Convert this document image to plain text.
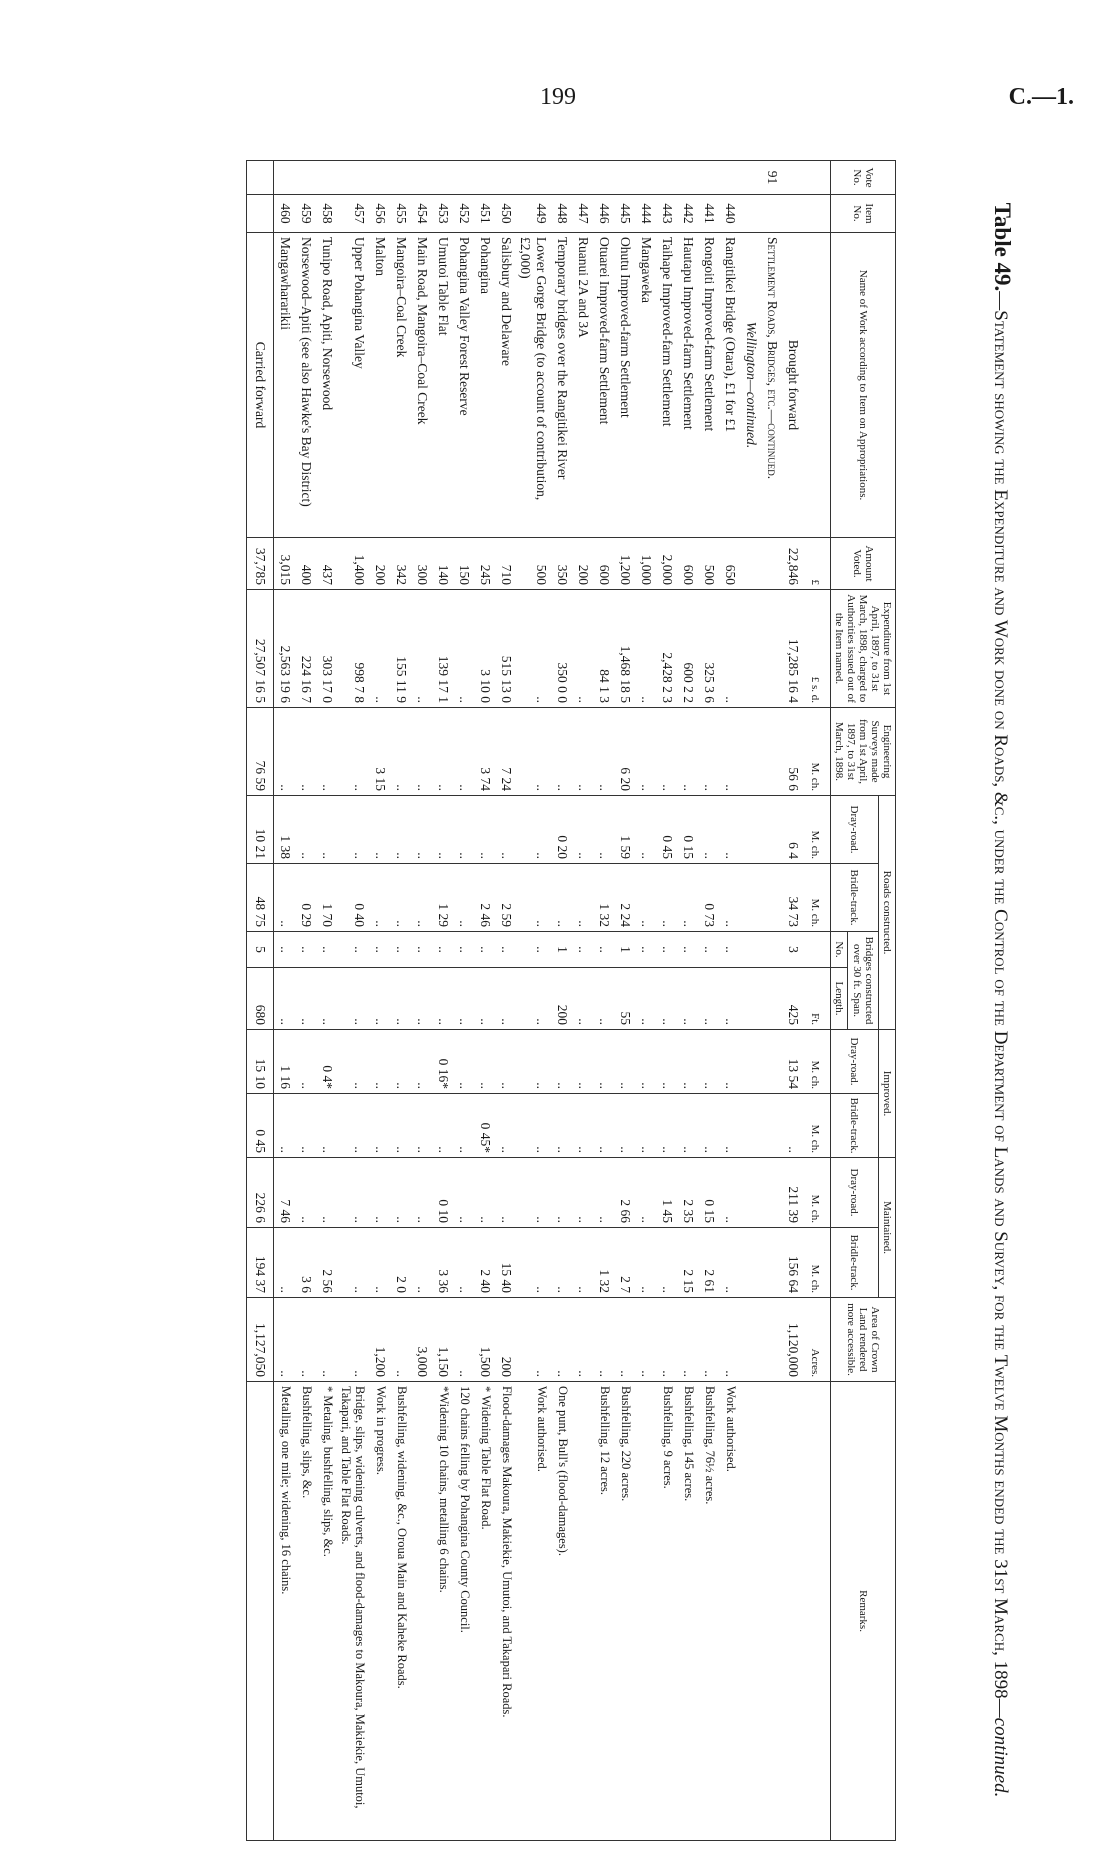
199	C.—1.
Table 49.—Statement showing the Expenditure and Work done on Roads, &c., under the Control of the Department of Lands and Survey, for the Twelve Months ended the 31st March, 1898—continued.
Vote No.	Item No.	Name of Work according to Item on Appropriations.	Amount Voted.	Expenditure from 1st April, 1897, to 31st March, 1898, charged to Authorities issued out of the Item named.	Engineering Surveys made from 1st April, 1897, to 31st March, 1898.	Roads constructed.				Improved.		Maintained.		Area of Crown Land rendered more accessible.	Remarks.
						Dray-road.	Bridle-track.	Bridges constructed over 30 ft. Span.		Dray-road.	Bridle-track.	Dray-road.	Bridle-track.		
								No.	Length.						
			£	£ s. d.	M. ch.	M. ch.	M. ch.		Ft.	M. ch.	M. ch.	M. ch.	M. ch.	Acres.	
		Brought forward	22,846	17,285 16 4	56 6	6 4	34 73	3	425	13 54	..	211 39	156 64	1,120,000	
91		Settlement Roads, Bridges, etc.—continued.													
		Wellington—continued.													
	440	Rangitikei Bridge (Otara), £1 for £1	650	..	..	..	..	..	..	..	..	..	..	..	Work authorised.
	441	Rongoiti Improved-farm Settlement	500	325 3 6	..	..	0 73	..	..	..	..	0 15	2 61	..	Bushfelling, 76½ acres.
	442	Hautapu Improved-farm Settlement	600	600 2 2	..	0 15	..	..	..	..	..	2 35	2 15	..	Bushfelling, 145 acres.
	443	Taihape Improved-farm Settlement	2,000	2,428 2 3	..	0 45	..	..	..	..	..	1 45	..	..	Bushfelling, 9 acres.
	444	Mangaweka	1,000	..	..	..	..	..	..	..	..	..	..	..	
	445	Ohutu Improved-farm Settlement	1,200	1,468 18 5	6 20	1 59	2 24	1	55	..	..	2 66	2 7	..	Bushfelling, 220 acres.
	446	Otuarei Improved-farm Settlement	600	84 1 3	..	..	1 32	..	..	..	..	..	1 32	..	Bushfelling, 12 acres.
	447	Ruanui 2A and 3A	200	..	..	..	..	..	..	..	..	..	..	..	
	448	Temporary bridges over the Rangitikei River	350	350 0 0	..	0 20	..	1	200	..	..	..	..	..	One punt, Bull's (flood-damages).
	449	Lower Gorge Bridge (to account of contribution, £2,000)	500	..	..	..	..	..	..	..	..	..	..	..	Work authorised.
	450	Salisbury and Delaware	710	515 13 0	7 24	..	2 59	..	..	..	..	..	15 40	200	Flood-damages Makoura, Makiekie, Umutoi, and Takapari Roads.
	451	Pohangina	245	3 10 0	3 74	..	2 46	..	..	..	0 45*	..	2 40	1,500	* Widening Table Flat Road.
	452	Pohangina Valley Forest Reserve	150	..	..	..	..	..	..	..	..	..	..	..	120 chains felling by Pohangina County Council.
	453	Umutoi Table Flat	140	139 17 1	..	..	1 29	..	..	0 16*	..	0 10	3 36	1,150	*Widening 10 chains, metalling 6 chains.
	454	Main Road, Mangoira–Coal Creek	300	..	..	..	..	..	..	..	..	..	..	3,000	
	455	Mangoira–Coal Creek	342	155 11 9	..	..	..	..	..	..	..	..	2 0	..	Bushfelling, widening, &c., Oroua Main and Kaheke Roads.
	456	Malton	200	..	3 15	..	..	..	..	..	..	..	..	1,200	Work in progress.
	457	Upper Pohangina Valley	1,400	998 7 8	..	..	0 40	..	..	..	..	..	..	..	Bridge, slips, widening culverts, and flood-damages to Makoura, Makiekie, Umutoi, Takapari, and Table Flat Roads.
	458	Tunipo Road, Apiti, Norsewood	437	303 17 0	..	..	1 70	..	..	0 4*	..	..	2 56	..	* Metaling, bushfelling, slips, &c.
	459	Norsewood–Apiti (see also Hawke's Bay District)	400	224 16 7	..	..	0 29	..	..	..	..	..	3 6	..	Bushfelling, slips, &c.
	460	Mangawhararikii	3,015	2,563 19 6	..	1 38	..	..	..	1 16	..	7 46	..	..	Metalling, one mile; widening, 16 chains.
		Carried forward	37,785	27,507 16 5	76 59	10 21	48 75	5	680	15 10	0 45	226 6	194 37	1,127,050	
